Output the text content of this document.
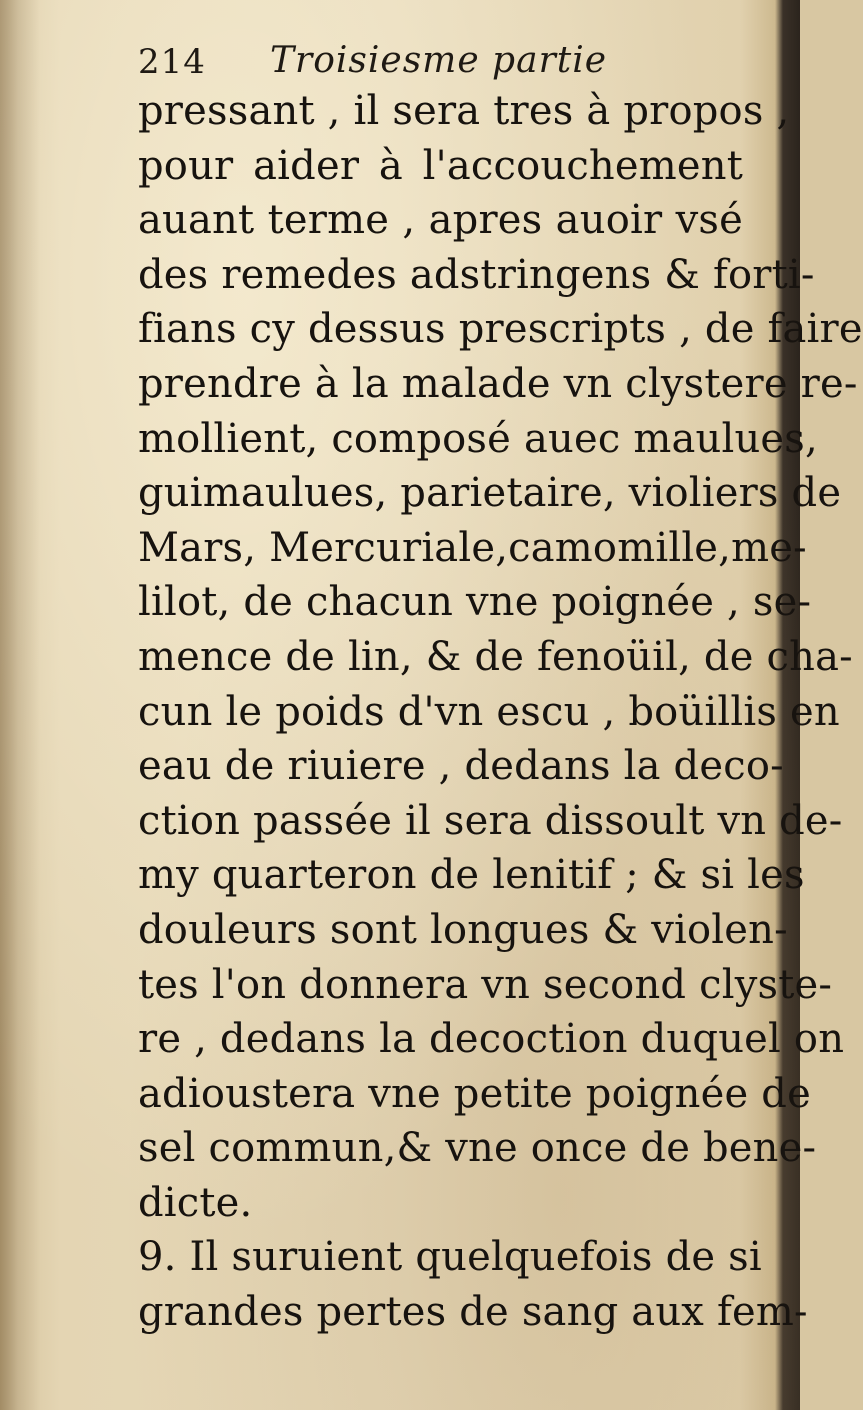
214 Troisiesme partie
pressant , il sera tres à propos ,
pour aider à l'accouchement
auant terme , apres auoir vsé
des remedes adstringens & forti-
fians cy dessus prescripts , de faire
prendre à la malade vn clystere re-
mollient, composé auec maulues,
guimaulues, parietaire, violiers de
Mars, Mercuriale,camomille,me-
lilot, de chacun vne poignée , se-
mence de lin, & de fenoüil, de cha-
cun le poids d'vn escu , boüillis en
eau de riuiere , dedans la deco-
ction passée il sera dissoult vn de-
my quarteron de lenitif ; & si les
douleurs sont longues & violen-
tes l'on donnera vn second clyste-
re , dedans la decoction duquel on
adioustera vne petite poignée de
sel commun,& vne once de bene-
dicte.
9. Il suruient quelquefois de si
grandes pertes de sang aux fem-
